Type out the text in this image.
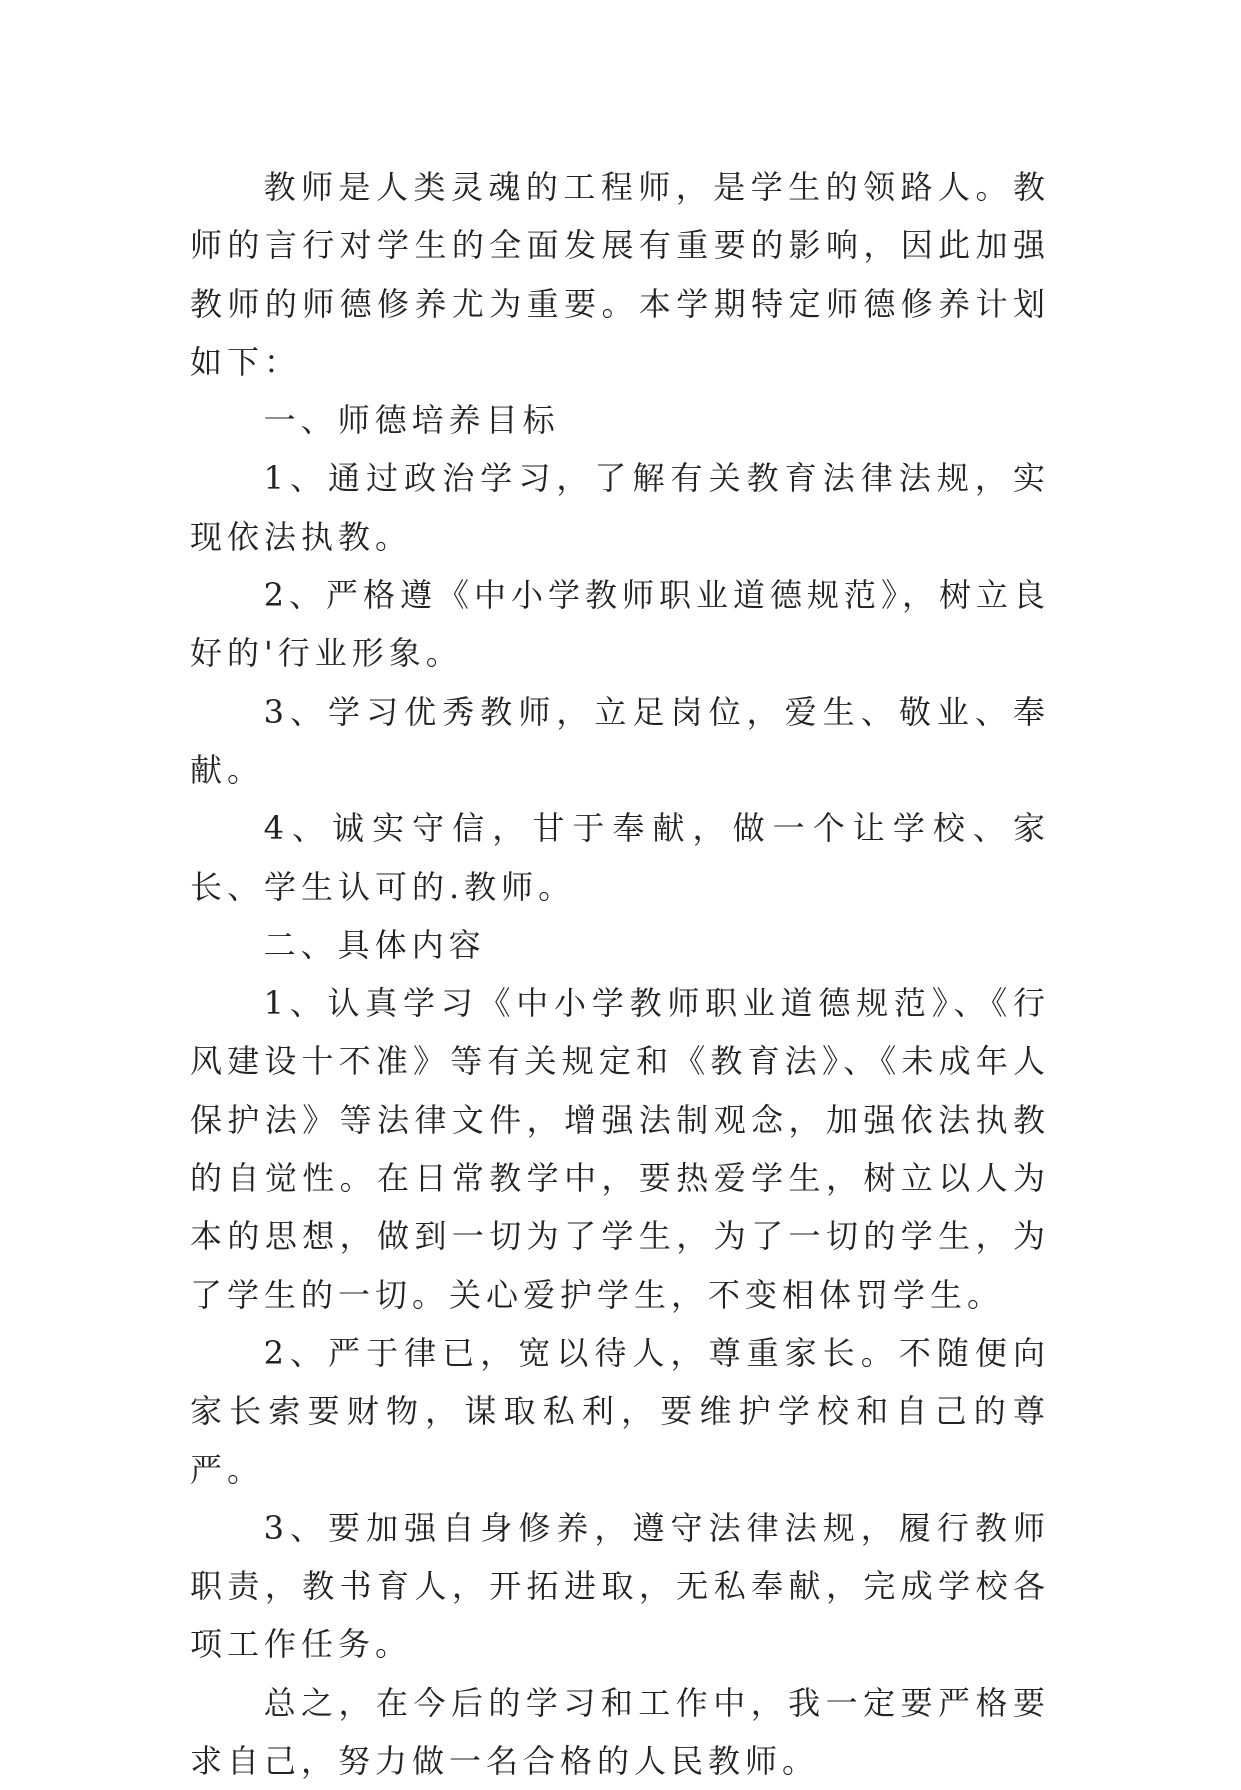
教师是人类灵魂的工程师，是学生的领路人。教师的言行对学生的全面发展有重要的影响，因此加强教师的师德修养尤为重要。本学期特定师德修养计划如下：

一、师德培养目标

1、通过政治学习，了解有关教育法律法规，实现依法执教。

2、严格遵《中小学教师职业道德规范》，树立良好的'行业形象。

3、学习优秀教师，立足岗位，爱生、敬业、奉献。

4、诚实守信，甘于奉献，做一个让学校、家长、学生认可的.教师。

二、具体内容

1、认真学习《中小学教师职业道德规范》、《行风建设十不准》等有关规定和《教育法》、《未成年人保护法》等法律文件，增强法制观念，加强依法执教的自觉性。在日常教学中，要热爱学生，树立以人为本的思想，做到一切为了学生，为了一切的学生，为了学生的一切。关心爱护学生，不变相体罚学生。

2、严于律已，宽以待人，尊重家长。不随便向家长索要财物，谋取私利，要维护学校和自己的尊严。

3、要加强自身修养，遵守法律法规，履行教师职责，教书育人，开拓进取，无私奉献，完成学校各项工作任务。

总之，在今后的学习和工作中，我一定要严格要求自己，努力做一名合格的人民教师。
